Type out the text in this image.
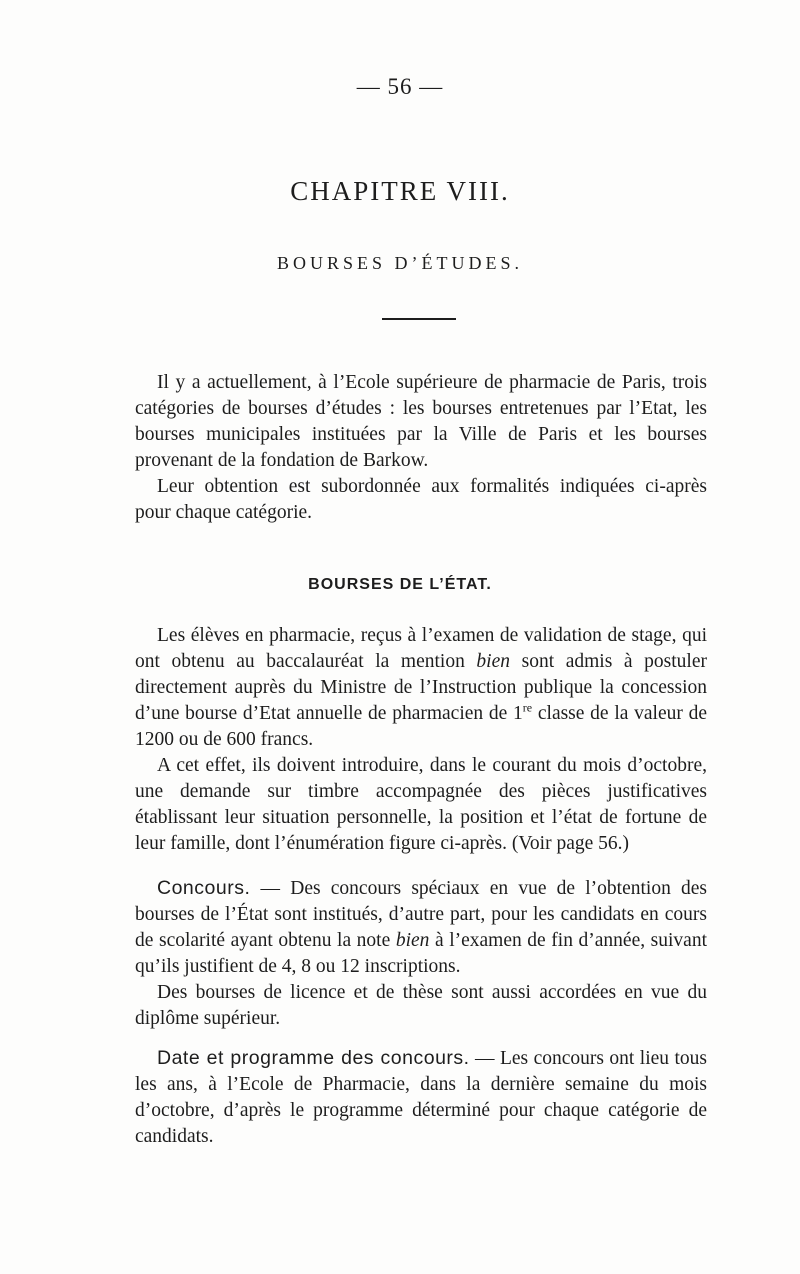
— 56 —
CHAPITRE VIII.
BOURSES D’ÉTUDES.

Il y a actuellement, à l’Ecole supérieure de pharmacie de Paris, trois catégories de bourses d’études : les bourses entretenues par l’Etat, les bourses municipales instituées par la Ville de Paris et les bourses provenant de la fondation de Barkow.

Leur obtention est subordonnée aux formalités indiquées ci-après pour chaque catégorie.

BOURSES DE L’ÉTAT.

Les élèves en pharmacie, reçus à l’examen de validation de stage, qui ont obtenu au baccalauréat la mention bien sont admis à postuler directement auprès du Ministre de l’Instruction publique la concession d’une bourse d’Etat annuelle de pharmacien de 1re classe de la valeur de 1200 ou de 600 francs.

A cet effet, ils doivent introduire, dans le courant du mois d’octobre, une demande sur timbre accompagnée des pièces justificatives établissant leur situation personnelle, la position et l’état de fortune de leur famille, dont l’énumération figure ci-après. (Voir page 56.)

Concours. — Des concours spéciaux en vue de l’obtention des bourses de l’État sont institués, d’autre part, pour les candidats en cours de scolarité ayant obtenu la note bien à l’examen de fin d’année, suivant qu’ils justifient de 4, 8 ou 12 inscriptions.

Des bourses de licence et de thèse sont aussi accordées en vue du diplôme supérieur.

Date et programme des concours. — Les concours ont lieu tous les ans, à l’Ecole de Pharmacie, dans la dernière semaine du mois d’octobre, d’après le programme déterminé pour chaque catégorie de candidats.
